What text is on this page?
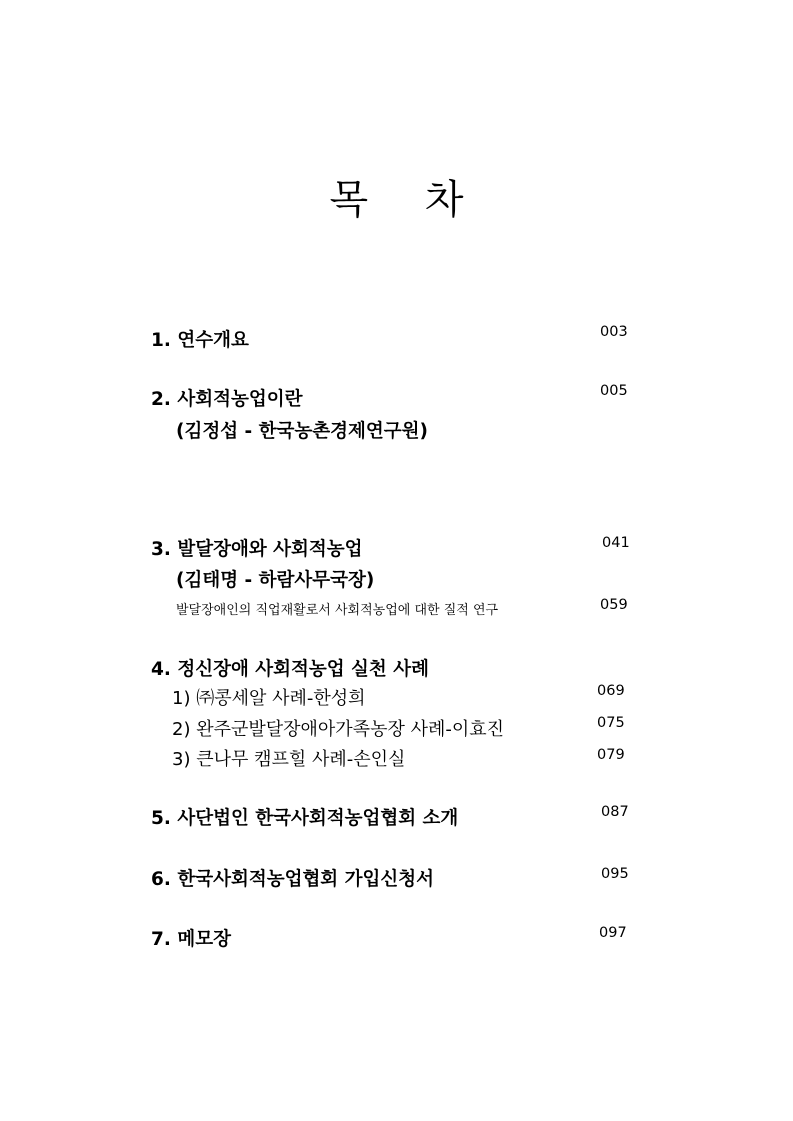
목 차
1. 연수개요	003
2. 사회적농업이란	005
(김정섭 - 한국농촌경제연구원)
3. 발달장애와 사회적농업	041
(김태명 - 하람사무국장)
발달장애인의 직업재활로서 사회적농업에 대한 질적 연구	059
4. 정신장애 사회적농업 실천 사례
1) ㈜콩세알 사례-한성희	069
2) 완주군발달장애아가족농장 사례-이효진	075
3) 큰나무 캠프힐 사례-손인실	079
5. 사단법인 한국사회적농업협회 소개	087
6. 한국사회적농업협회 가입신청서	095
7. 메모장	097
